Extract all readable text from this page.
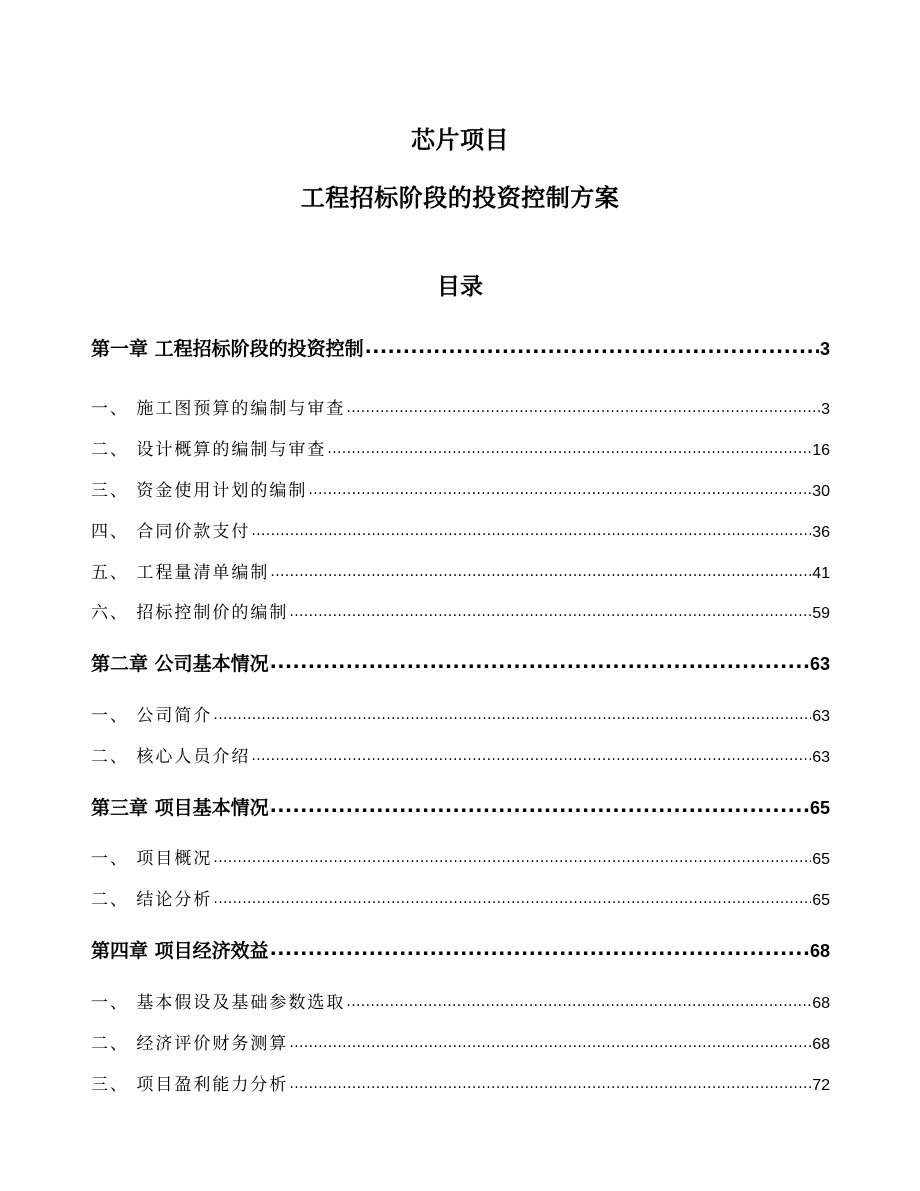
芯片项目
工程招标阶段的投资控制方案
目录
第一章 工程招标阶段的投资控制 .....	3
一、 施工图预算的编制与审查 .....	3
二、 设计概算的编制与审查 .....	16
三、 资金使用计划的编制 .....	30
四、 合同价款支付 .....	36
五、 工程量清单编制 .....	41
六、 招标控制价的编制 .....	59
第二章 公司基本情况 .....	63
一、 公司简介 .....	63
二、 核心人员介绍 .....	63
第三章 项目基本情况 .....	65
一、 项目概况 .....	65
二、 结论分析 .....	65
第四章 项目经济效益 .....	68
一、 基本假设及基础参数选取 .....	68
二、 经济评价财务测算 .....	68
三、 项目盈利能力分析 .....	72
